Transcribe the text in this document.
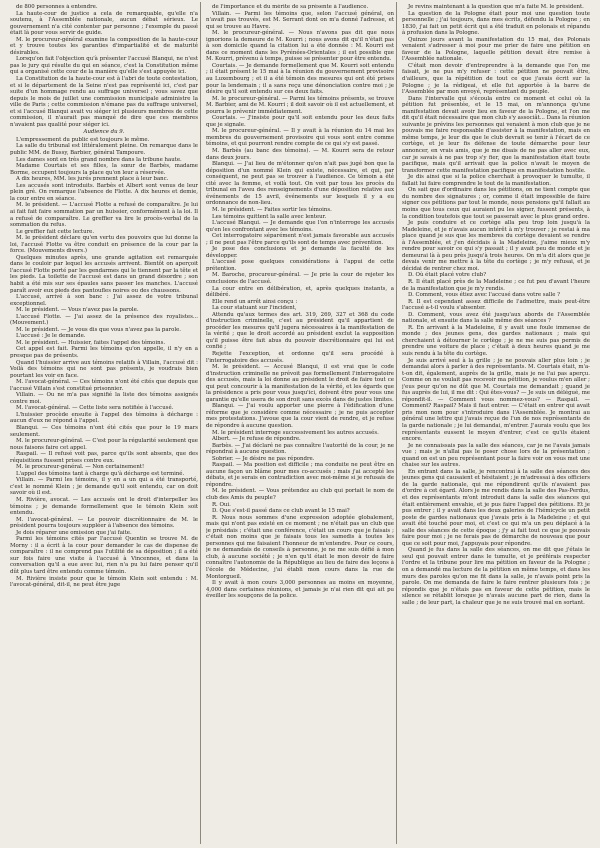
de 800 personnes à entendre.

La haute-cour de justice a cela de remarquable, qu'elle n'a soutenu, à l'Assemblée nationale, aucun débat sérieux. Le gouvernement n'a cité contenter par personne ; l'exemple du passé était là pour vous servir de guide.

M. le procureur-général examine la composition de la haute-cour et y trouve toutes les garanties d'impartialité et de maturité désirables.

Lorsqu'on fait l'objection qu'à présenter l'accusé Blanqui, ne n'est pas le jury qui résulte du qui en séance, c'est la Constitution même qui a organisé cette cour de la manière qu'elle s'est appuyée ici.

La Constitution de la haute-cour est à l'abri de toute contestation, et si le département de la Seine n'est pas représenté ici, c'est par suite d'un hommage rendu au suffrage universel ; vous savez que depuis le mois de juillet une commission municipale administre la ville de Paris ; cette commission n'émane pas du suffrage universel, et si l'accusé Blanqui avait vu siéger ici plusieurs membres de cette commission, il n'aurait pas manqué de dire que ces membres n'avaient pas qualité pour siéger ici.

Audience du 9.

L'empressement du public est toujours le même.

La salle du tribunal est littéralement pleine. On remarque dans le public MM. de Bussy, Barbier, général Tampoure.

Les dames sont en très grand nombre dans la tribune haute.

Madame Courtais et ses filles, la sœur de Barbès, madame Borme, occupent toujours la place qu'on leur a réservée.

A dix heures, MM. les jurés prennent place à leur banc.

Les accusés sont introduits. Barbès et Albert sont venus de leur plein gré. On remarque l'absence de Flotte. A dix heures et demie, la cour entre en séance.

M. le président. — L'accusé Flotte a refusé de comparaître. Je lui ai fait fait faire sommation par un huissier, conformément à la loi. Il a refusé de comparaître. Le greffier va lire le procès-verbal de la sommation du refus.

Le greffier fait cette lecture.

M. le président déclare qu'en vertu des pouvoirs que lui donne la loi, l'accusé Flotte va être conduit en présence de la cour par la force. (Mouvements divers.)

Quelques minutes après, une grande agitation est remarquée dans le couloir par lequel les accusés arrivent. Bientôt on aperçoit l'accusé Flotte porté par les gendarmes qui le tiennent par la tête et les pieds. La toilette de l'accusé est dans un grand désordre ; son habit a été mis sur ses épaules sans passer les manches. L'accusé paraît avoir eux pieds des pantoufles noires ou des chaussons.

L'accusé, arrivé à son banc : J'ai assez de votre tribunal exceptionnel.

M. le président. — Vous n'avez pas la parole.

L'accusé Flotte. — J'ai assez de la présence des royalistes... (Mouvement.)

M. le président. — Je vous dis que vous n'avez pas la parole.

L'accusé : Je le demande.

M. le président. — Huissier, faites l'appel des témoins.

Cet appel est fait. Parmi les témoins qu'on appelle, il n'y en a presque pas de présents.

Quand l'huissier arrive aux témoins relatifs à Villain, l'accusé dit : Voilà des témoins qui ne sont pas présents, je voudrais bien pourtant les voir en face.

M. l'avocat-général. — Ces témoins n'ont été cités que depuis que l'accusé Villain s'est constitué prisonnier.

Villain. — Ou ne m'a pas signifié la liste des témoins assignés contre moi.

M. l'avocat-général. — Cette liste sera notifiée à l'accusé.

L'huissier procède ensuite à l'appel des témoins à décharge : aucun d'eux ne répond à l'appel.

Blanqui. — Ces témoins n'ont été cités que pour le 19 mars seulement.

M. le procureur-général. — C'est pour la régularité seulement que nous faisons faire cet appel.

Raspail. — Il refusé voit pas, parce qu'ils sont absents, que des réquisitions fussent prises contre eux.

M. le procureur-général. — Non certainement!

L'appel des témoins tant à charge qu'à décharge est terminé.

Villain. — Parmi les témoins, il y en a un qui a été transporté, c'est le nommé Klein ; je demande qu'il soit entendu, car on doit savoir où il est.

M. Rivière, avocat. — Les accusés ont le droit d'interpeller les témoins ; je demande formellement que le témoin Klein soit entendu.

M. l'avocat-général. — Le pouvoir discrétionnaire de M. le président pourra toujours suppléer à l'absence des témoins.

Je dois réparer une omission que j'ai faite.

Parmi les témoins cités par l'accusé Quentin se trouve M. de Morny : il a écrit à la cour pour demander le cas de dispense de comparaître : il ne comprend pas l'utilité de sa déposition ; il a été sur fois faire une visite à l'accusé à Vincennes, et dans la conversation qu'il a eue avec lui, rien n'a pu lui faire penser qu'il dût plus tard être entendu comme témoin.

M. Rivière insiste pour que le témoin Klein soit entendu : M. l'avocat-général, dit-il, ne peut être juge

de l'importance et du mérite de sa présente à l'audience.

Villain. — Parmi les témoins que, selon l'accusé général, on n'avait pas trouvés, est M. Serrant dont on m'a donné l'adresse, et qui se trouve au Havre.

M. le procureur-général. — Nous n'avons pas dit que nous ignorions la demeure de M. Kourri ; nous avons dit qu'il n'était pas à son domicile quand la citation lui a été donnée : M. Kourri est dans ce moment dans les Pyrénées-Orientales ; il est possible que M. Kourri, prévenu à temps, puisse se présenter pour être entendu.

Courtais. — Je demande formellement que M. Kourri soit entendu ; il était présent le 15 mai à la réunion du gouvernement provisoire au Luxembourg ; et il a été témoin des mesures qui ont été prises pour la lendemain ; il a sans reçu une dénonciation contre moi ; je désire qu'il soit entendu sur ces deux faits.

M. le procureur-général. — Parmi les témoins présents, se trouve M. Barbier, ami de M. Kourri ; il doit savoir où il est actuellement, et pourra le prévenir immédiatement.

Courtais. — J'insiste pour qu'il soit entendu pour les deux faits que je signale.

M. le procureur-général. — Il y avait à la réunion du 14 mai les membres du gouvernement provisoire qui vous sont entre comme témoins, et qui pourront rendre compte de ce qui s'y est passé.

M. Barbès (au banc des témoins). — M. Kourri sera de retour dans deux jours.

Blanqui. — J'ai lieu de m'étonner qu'on n'ait pas jugé bon que la déposition d'un nommé Klein qui existe, nécessaire, et qui, par conséquent, ne peut pas se trouver à l'audience. Ce témoin a été cité avec la femme, et voilà tout. On voit par tous les procès du tribunal en l'aveu des renseignements d'une déposition relative aux événements de 15 avril, événements sur lesquels il y a eu ordonnance de non-lieu.

M. le président. — Faites sortir les témoins.

Les témoins quittent la salle avec lenteur.

L'accusé Blanqui. — Je demande que l'on n'interroge les accusés qu'en les confrontant avec les témoins.

Cet interrogatoire séparément n'est jamais favorable aux accusés ; il ne peut pas l'être parce qu'ils sont de temps avec prévention.

Je pose des conclusions et je demande la faculté de les développer.

L'accusé pose quelques considérations à l'appui de cette prétention.

M. Baroche, procureur-général. — Je prie la cour de rejeter les conclusions de l'accusé.

La cour entre en délibération, et, après quelques instants, a délibéré.

Elle rend un arrêt ainsi conçu :

La cour statuant sur l'incident,

Attendu qu'aux termes des art. 319, 269, 327 et 368 du code d'instruction criminelle, c'est au président qu'il appartient de procéder les mesures qu'il jugera nécessaires à la manifestation de la vérité ; que le droit accordé au président exclut la supposition qu'il puisse être fait abus du pouvoir discrétionnaire qui lui est confié ;

Rejette l'exception, et ordonne qu'il sera procédé à l'interrogatoire des accusés.

M. le président. — Accusé Blanqui, il est vrai que le code d'instruction criminelle ne prévoit pas formellement l'interrogatoire des accusés, mais la loi donne au président le droit de faire tout ce qui peut concourir à la manifestation de la vérité, et les égards que la présidence a pris pour vous jusqu'ici, doivent être pour vous une garantie qu'elle usera de son droit sans excès dans de justes limites.

Blanqui. — J'ai voulu apporter une pierre à l'édification d'une réforme que je considère comme nécessaire ; je ne puis accepter mes protestations. J'avoue que la cour vient de rendre, et je refuse de répondre à aucune question.

M. le président interroge successivement les autres accusés.

Albert. — Je refuse de répondre.

Barbès. — J'ai déclaré ne pas connaître l'autorité de la cour, je ne répondrai à aucune question.

Sobrier. — Je désire ne pas répondre.

Raspail. — Ma position est difficile ; ma conduite ne peut être en aucune façon un blâme pour mes co-accusés ; mais j'ai accepté les débats, et je serais en contradiction avec moi-même si je refusais de répondre.

M. le président. — Vous prétendez au club qui portait le nom de club des Amis du peuple?

R. Oui.

D. Que s'est-il passé dans ce club avant le 15 mai?

R. Nous nous sommes d'une expression adoptée globalement, mais qui n'ont pas existé en ce moment ; ne n'était pas un club que je présidais ; c'était une conférence, c'était un cours que je faisais ; c'était non moins que je faisais tous les samedis à toutes les personnes qui me faisaient l'honneur de m'entendre. Pour ce cours, je ne demandais de conseils à personne, je ne me suis défié à mon club, à aucune société ; je n'en qu'il était le mon devoir de faire connaître l'autonomie de la République au lieu de faire des leçons à l'école de Médecine, j'ai établi mon cours dans la rue de Montorgueil.

Il y avait à mon cours 3,000 personnes au moins en moyenne, 4,000 dans certaines réunions, et jamais je n'ai rien dit qui ait pu éveiller les soupçons de la police.

Je revins maintenant à la question que m'a faite M. le président.

La question de la Pologne était pour moi une question toute personnelle ; j'ai toujours, dans mes écrits, défendu la Pologne ; en 1830, j'ai fait un petit écrit qui a été traduit en polonais et répandu à profusion dans la Pologne.

Quinze jours avant la manifestation du 15 mai, des Polonais venaient s'adresser à moi pour me prier de faire une pétition en faveur de la Pologne, laquelle pétition devait être remise à l'Assemblée nationale.

C'était mon devoir d'entreprendre à la demande que l'on me faisait, je ne pus m'y refuser : cette pétition ne pouvait être, d'ailleurs, que la répétition de tout ce que j'avais écrit sur la Pologne ; je la rédigeai, et elle fut apportée à la barre de l'Assemblée par mon envoyé, représentant du peuple.

Dans l'intervalle qui s'écoula entre ce moment et celui où la pétition fut présentée, et le 15 mai, on m'annonça qu'une manifestation devait avoir lieu en faveur de la Pologne, et l'on me dit qu'il était nécessaire que mon club s'y associât... Dans la réunion suivante je prévins les personnes qui venaient à mon club que je ne pouvais me faire responsable d'assister à la manifestation, mais en même temps, je leur dis que le club devrait se tenir à l'écart de ce cortège, et je leur fis défense de toute démarche pour leur annoncer, en vrais amis, que je me disais de ne pas aller avec eux, car je savais à ne pas trop s'y fier, que la manifestation était toute pacifique, mais qu'il arrivait que la police n'avait le moyen de transformer cette manifestation pacifique en manifestation hostile.

Je dis ainsi que si la police cherchait à provoquer le tumulte, il fallait lui faire comprendre le tout de la manifestation.

On sait que d'ordinaire dans les pétitions, on ne tient compte que du nombre des signatures ; or, comme il était impossible de faire signer ces pétitions par tout le monde, nous pensions qu'il fallait au moins que tous ceux qui auraient pu les signer, fussent présents, à la condition toutefois que tout se passerait avec le plus grand ordre.

Je puis conduire et ce cortège alla peu trop loin jusqu'à la Madeleine, et je n'avais aucun intérêt à m'y trouver ; je restai à ma place quand je sus que les membres du cortège devaient se rendre à l'Assemblée, et j'en décidais à la Madeleine, j'aime mieux m'y rendre pour savoir ce qui s'y passait ; il y avait peu de monde et je demeurai là à peu près jusqu'à trois heures. On m'a dit alors que je devais venir me mettre à la tête du cortège ; je m'y refusai, et je décidai de rentrer chez moi.

D. Où était placé votre club?

R. Il était placé près de la Madeleine ; ce fut peu d'avant l'heure de la manifestation que je m'y rendis.

D. Comment, vous étiez avec l'accusé dans votre salle ?

R. Il est cependant assez difficile de l'admettre, mais peut-être l'accusé a-t-il voulu s'absenter.

D. Comment, vous avez été jusqu'aux abords de l'Assemblée nationale, et ensuite dans la salle même des séances ?

R. En arrivant à la Madeleine, il y avait une foule immense de monde ; des jeunes gens, des gardes nationaux ; mais qui cherchaient à détourner le cortège ; je ne me suis pas permis de prendre une voiture de place ; c'était à deux heures quand je me suis rendu à la tête du cortège.

Je suis arrivé seul à la grille ; je ne pouvais aller plus loin ; je demandai alors à parler à des représentants. M. Courtais était, m'a-t-on dit, également, auprès de la grille, mais je ne l'ai pas aperçu. Comme on ne voulait pas recevoir ma pétition, je voulus m'en aller ; j'eus peur qu'on ne dût que M. Courtais me demandait ; quand je fus auprès de lui, il me dit : Qui êtes-vous? — Je suis un délégué, me répondit-il. — Comment vous nommez-vous? — Raspail. — Comment? Raspail? Mais il faut entrer. — C'était en entrer qui avait pris mon nom pour s'introduire dans l'Assemblée. Je montrai au général une lettre qui j'avais reçue de l'un de nos représentants de la garde nationale ; je lui demandai, m'entrer. J'aurais voulu que les représentants eussent le moyen d'entrer, c'est ce qu'ils étaient encore.

Je ne connaissais pas la salle des séances, car je ne l'avais jamais vue ; mais je n'allai pas le poser chose lors de la présentation ; quand on est un peu représentant pour la faire voir on vous met une chaise sur les autres.

En entrant dans la salle, je rencontrai à la salle des séances des jeunes gens qui causaient et hésitaient ; je m'adressai à des officiers de la garde nationale, qui me répondirent qu'ils n'avaient pas d'ordre à cet égard. Alors je me rendis dans la salle des Pas-Perdus, et des représentants m'ont introduit dans la salle des séances qui était entièrement envahie, et je pus faire l'appel des pétitions. Et je pus entrer ; il y avait dans les deux galeries de l'hémicycle un petit poste de gardes nationaux que j'avais pris à la Madeleine ; et qui avait été touché pour moi, et c'est ce qui m'a un peu déplacé à la salle des séances de cette époque ; j'y ai fait tout ce que je pouvais faire pour moi ; je ne ferais pas de démarche de nouveau que pour que ce soit pour moi, j'appuyais pour répondre.

Quand je fus dans la salle des séances, on me dit que j'étais le seul qui pouvait entrer dans le tumulte, et je préférais respecter l'ordre et la tribune pour lire ma pétition en faveur de la Pologne ; on a demandé ma lecture de la pétition en même temps, et dans les murs des paroles qu'on me fit dans la salle, je n'avais point pris la parole. On me demanda de faire le faire rentrer plusieurs fois ; je répondis que je n'étais pas en faveur de cette pétition, mais le silence se rétablit lorsque je n'avais aucune part de rien, dans la salle ; de leur part, la chaleur que je ne suis trouvé mal en sortant.
